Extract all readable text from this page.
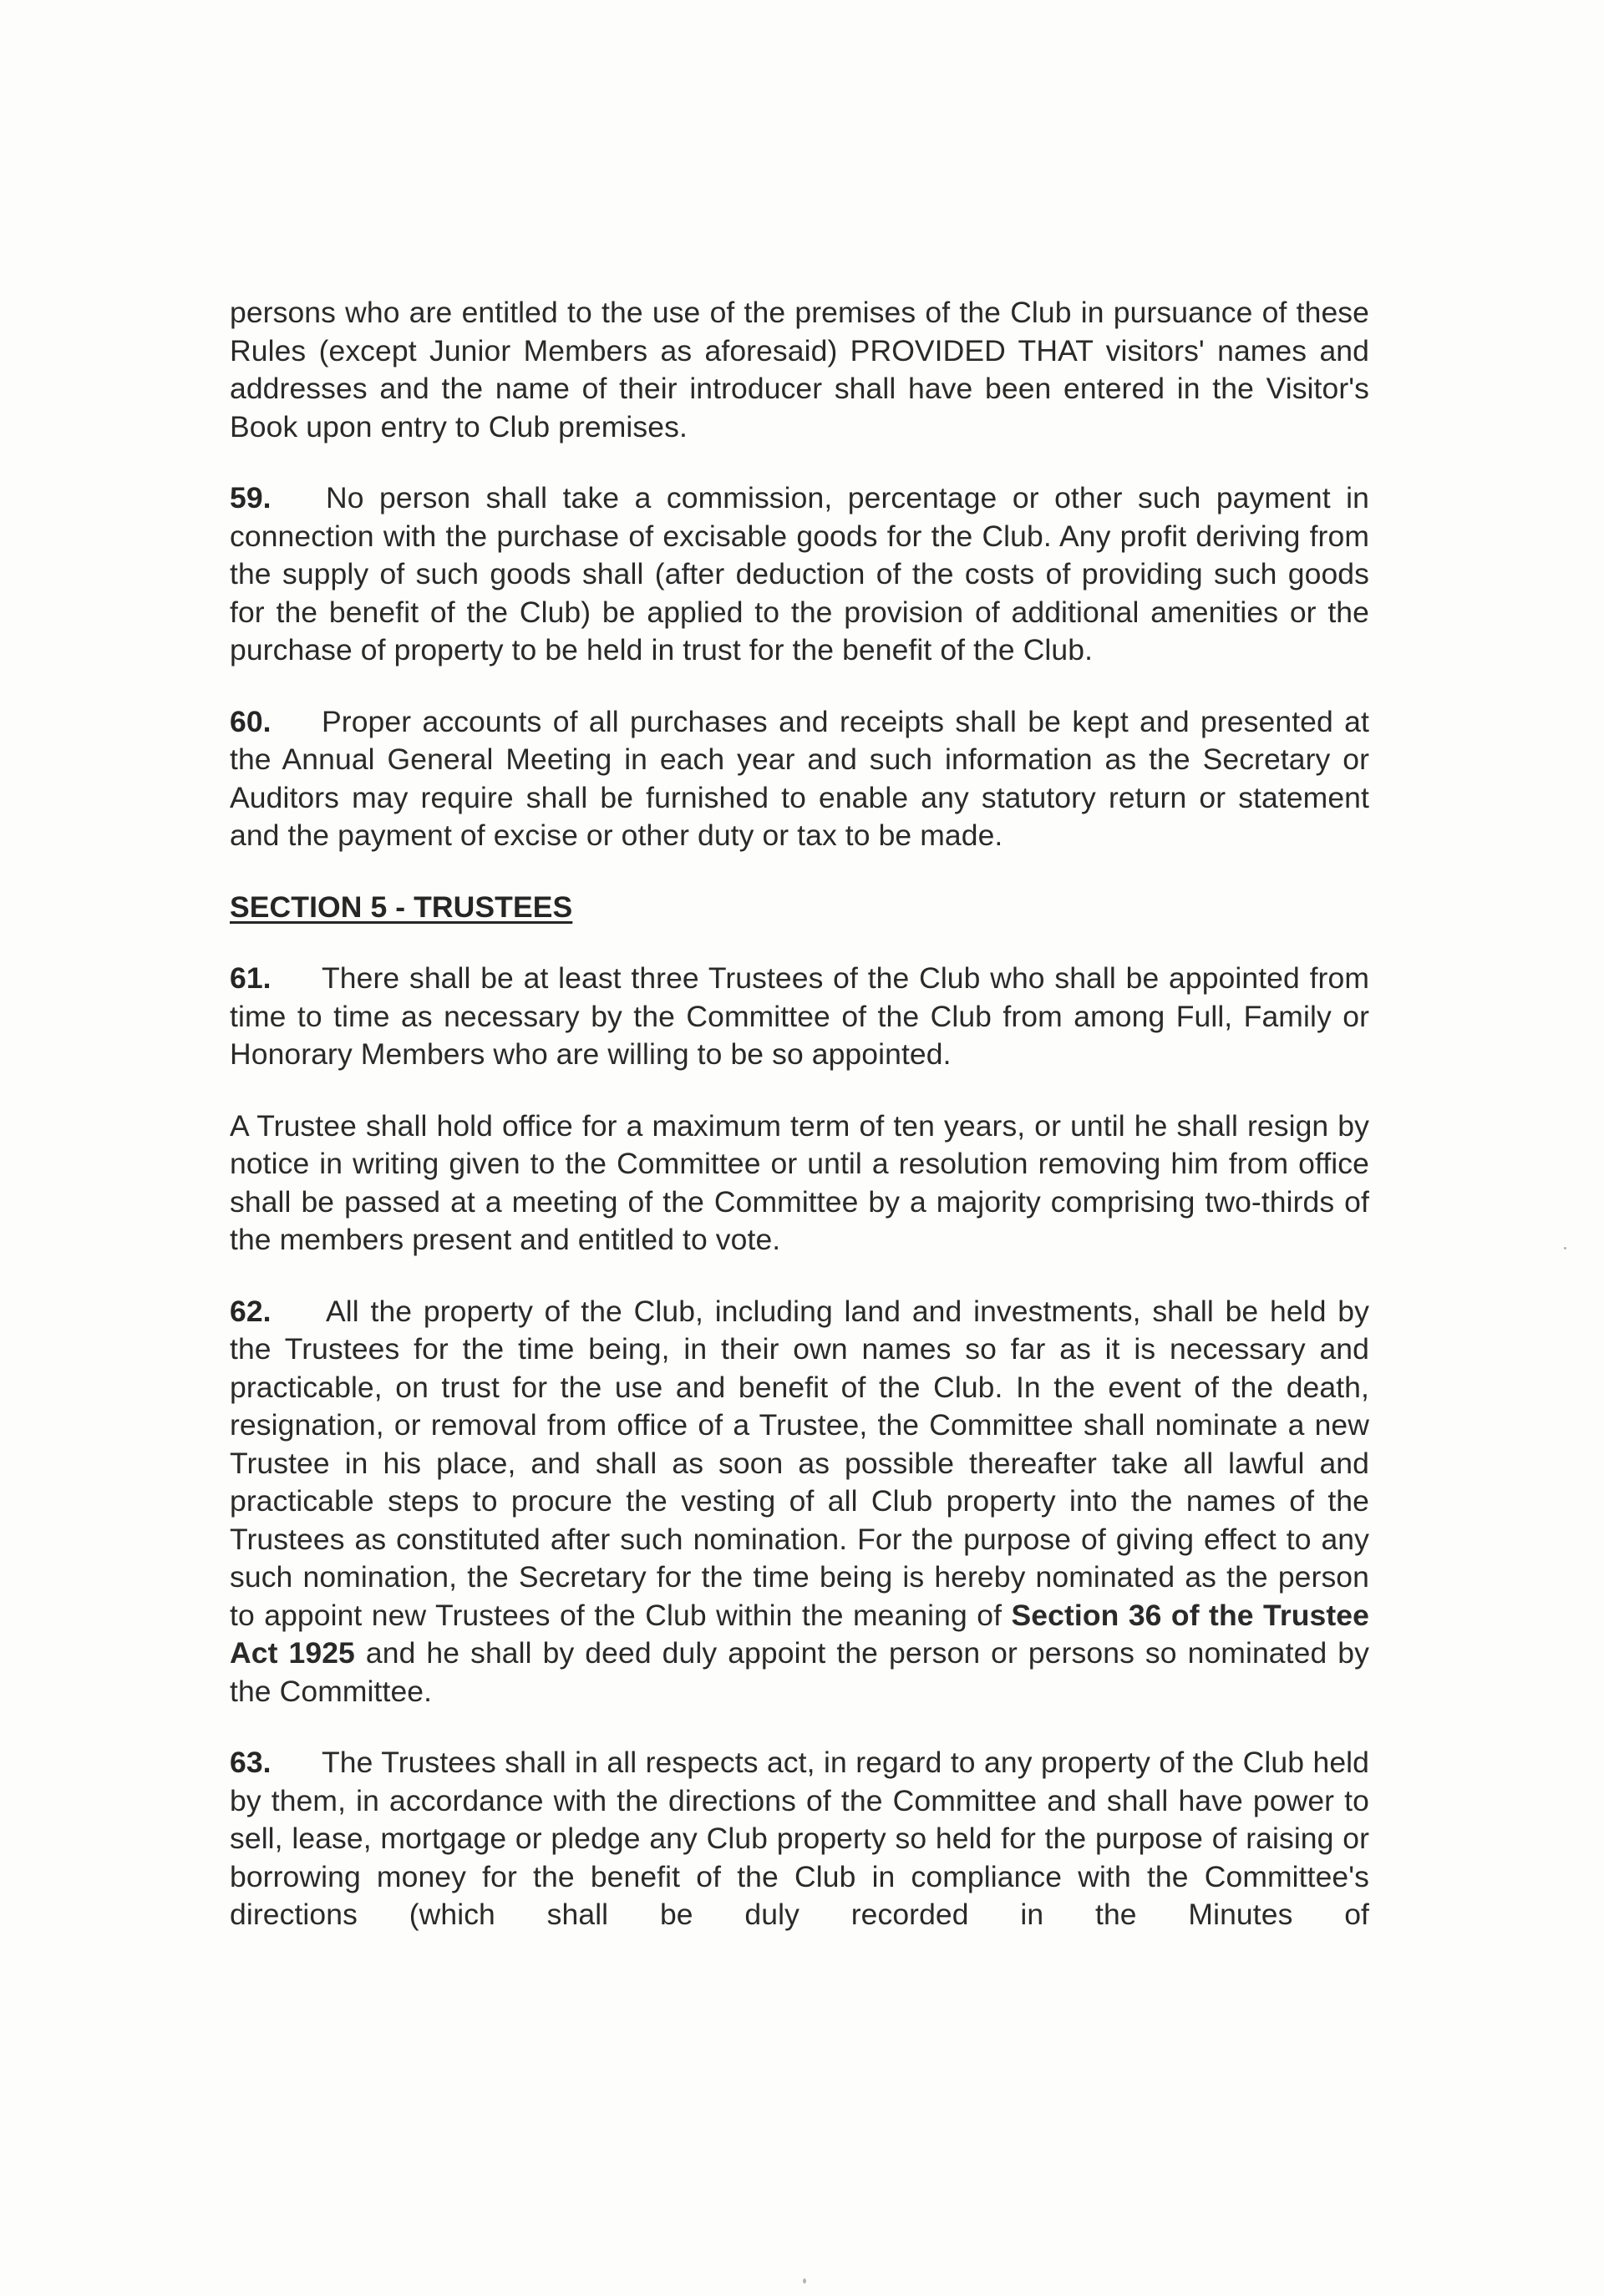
persons who are entitled to the use of the premises of the Club in pursuance of these Rules (except Junior Members as aforesaid) PROVIDED THAT visitors' names and addresses and the name of their introducer shall have been entered in the Visitor's Book upon entry to Club premises.

59. No person shall take a commission, percentage or other such payment in connection with the purchase of excisable goods for the Club. Any profit deriving from the supply of such goods shall (after deduction of the costs of providing such goods for the benefit of the Club) be applied to the provision of additional amenities or the purchase of property to be held in trust for the benefit of the Club.

60. Proper accounts of all purchases and receipts shall be kept and presented at the Annual General Meeting in each year and such information as the Secretary or Auditors may require shall be furnished to enable any statutory return or statement and the payment of excise or other duty or tax to be made.

SECTION 5 - TRUSTEES

61. There shall be at least three Trustees of the Club who shall be appointed from time to time as necessary by the Committee of the Club from among Full, Family or Honorary Members who are willing to be so appointed.

A Trustee shall hold office for a maximum term of ten years, or until he shall resign by notice in writing given to the Committee or until a resolution removing him from office shall be passed at a meeting of the Committee by a majority comprising two-thirds of the members present and entitled to vote.

62. All the property of the Club, including land and investments, shall be held by the Trustees for the time being, in their own names so far as it is necessary and practicable, on trust for the use and benefit of the Club. In the event of the death, resignation, or removal from office of a Trustee, the Committee shall nominate a new Trustee in his place, and shall as soon as possible thereafter take all lawful and practicable steps to procure the vesting of all Club property into the names of the Trustees as constituted after such nomination. For the purpose of giving effect to any such nomination, the Secretary for the time being is hereby nominated as the person to appoint new Trustees of the Club within the meaning of Section 36 of the Trustee Act 1925 and he shall by deed duly appoint the person or persons so nominated by the Committee.

63. The Trustees shall in all respects act, in regard to any property of the Club held by them, in accordance with the directions of the Committee and shall have power to sell, lease, mortgage or pledge any Club property so held for the purpose of raising or borrowing money for the benefit of the Club in compliance with the Committee's directions (which shall be duly recorded in the Minutes of
